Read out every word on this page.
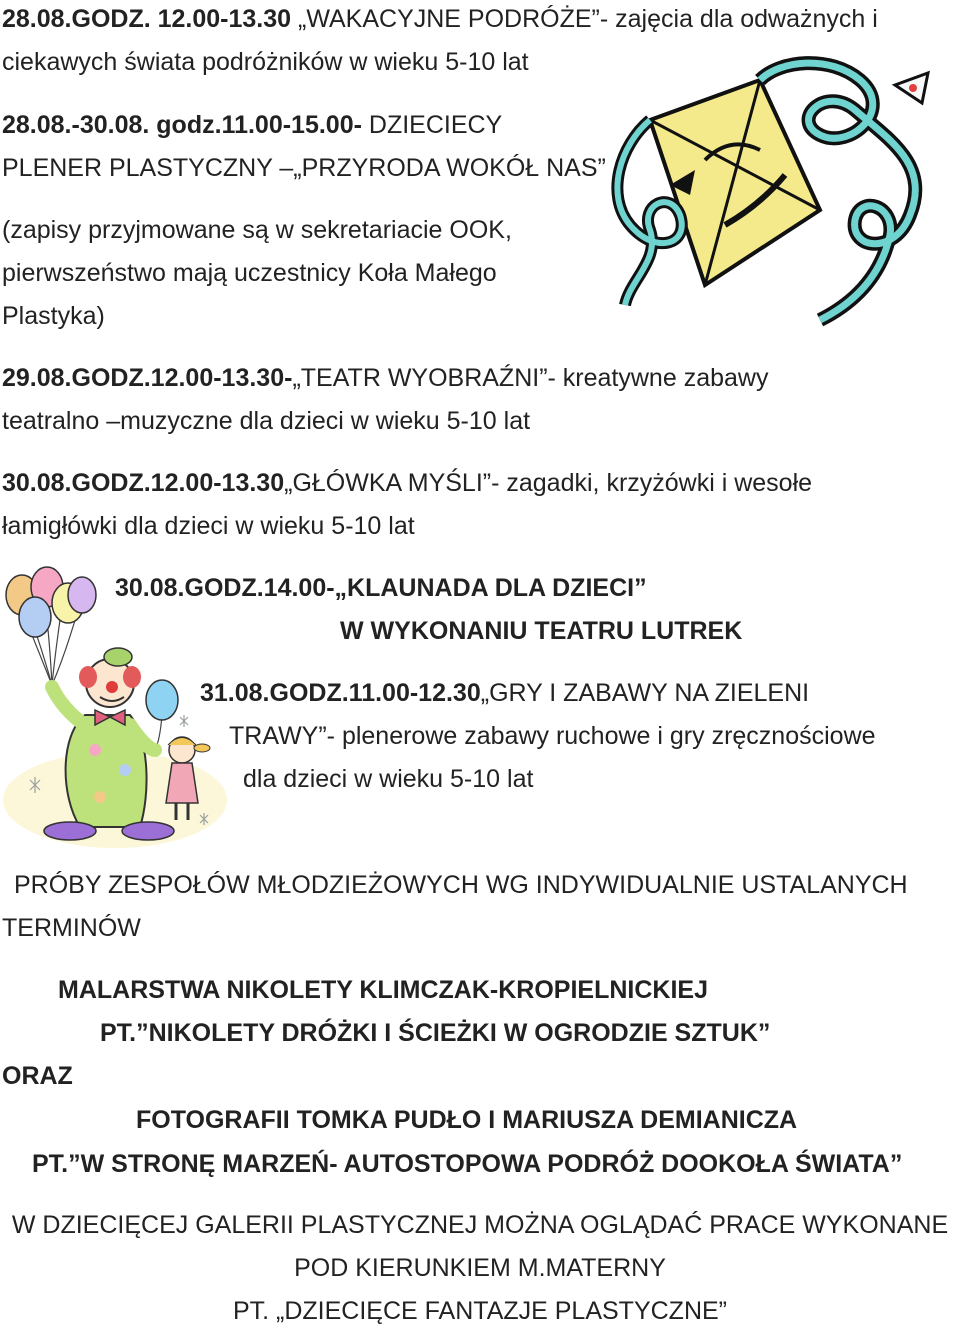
28.08.GODZ. 12.00-13.30 „WAKACYJNE PODRÓŻE”- zajęcia dla odważnych i
ciekawych świata podróżników w wieku 5-10 lat
28.08.-30.08. godz.11.00-15.00- DZIECIECY
PLENER PLASTYCZNY –„PRZYRODA WOKÓŁ NAS”
(zapisy przyjmowane są w sekretariacie OOK,
pierwszeństwo mają uczestnicy Koła Małego
Plastyka)
29.08.GODZ.12.00-13.30-„TEATR WYOBRAŹNI”- kreatywne zabawy
teatralno –muzyczne dla dzieci w wieku 5-10 lat
30.08.GODZ.12.00-13.30„GŁÓWKA MYŚLI”- zagadki, krzyżówki i wesołe
łamigłówki dla dzieci w wieku 5-10 lat
30.08.GODZ.14.00-„KLAUNADA DLA DZIECI”
W WYKONANIU TEATRU LUTREK
31.08.GODZ.11.00-12.30„GRY I ZABAWY NA ZIELENI
TRAWY”- plenerowe zabawy ruchowe i gry zręcznościowe
dla dzieci w wieku 5-10 lat
PRÓBY ZESPOŁÓW MŁODZIEŻOWYCH WG INDYWIDUALNIE USTALANYCH
TERMINÓW
MALARSTWA NIKOLETY KLIMCZAK-KROPIELNICKIEJ
PT.”NIKOLETY DRÓŻKI I ŚCIEŻKI W OGRODZIE SZTUK”
ORAZ
FOTOGRAFII TOMKA PUDŁO I MARIUSZA DEMIANICZA
PT.”W STRONĘ MARZEŃ- AUTOSTOPOWA PODRÓŻ DOOKOŁA ŚWIATA”
W DZIECIĘCEJ GALERII PLASTYCZNEJ MOŻNA OGLĄDAĆ PRACE WYKONANE
POD KIERUNKIEM M.MATERNY
PT. „DZIECIĘCE FANTAZJE PLASTYCZNE”
